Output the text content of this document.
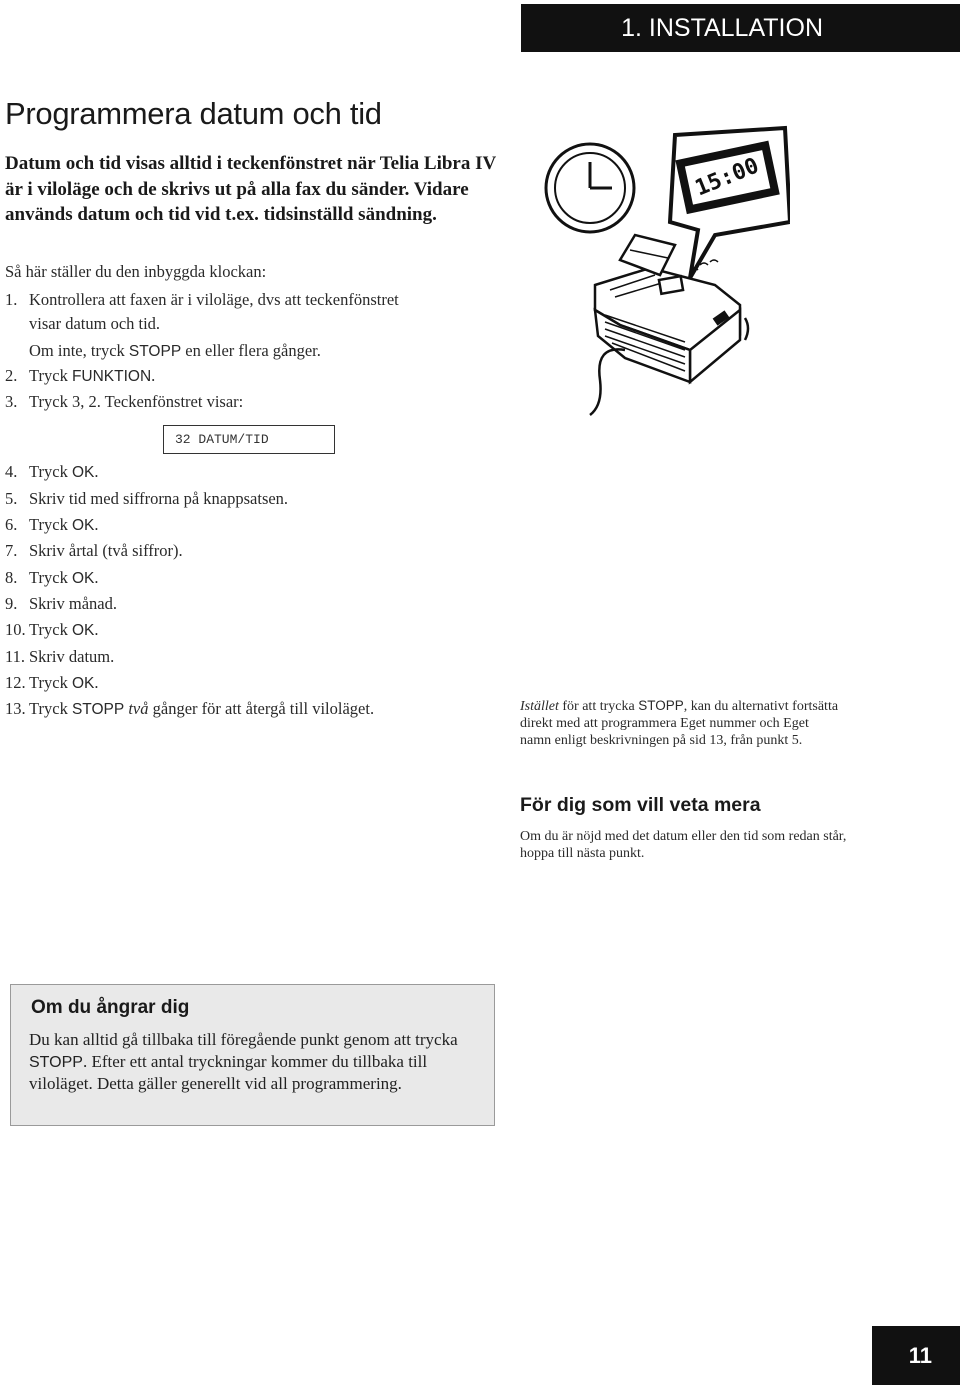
1. INSTALLATION
Programmera datum och tid

Datum och tid visas alltid i teckenfönstret när Telia Libra IV är i viloläge och de skrivs ut på alla fax du sänder. Vidare används datum och tid vid t.ex. tidsinställd sändning.

Så här ställer du den inbyggda klockan:

1. Kontrollera att faxen är i viloläge, dvs att teckenfönstret
visar datum och tid.
Om inte, tryck STOPP en eller flera gånger.
2. Tryck FUNKTION.
3. Tryck 3, 2. Teckenfönstret visar:
4. Tryck OK.
5. Skriv tid med siffrorna på knappsatsen.
6. Tryck OK.
7. Skriv årtal (två siffror).
8. Tryck OK.
9. Skriv månad.
10. Tryck OK.
11. Skriv datum.
12. Tryck OK.
13. Tryck STOPP två gånger för att återgå till viloläget.
32 DATUM/TID
15:00

Istället för att trycka STOPP, kan du alternativt fortsätta direkt med att programmera Eget nummer och Eget namn enligt beskrivningen på sid 13, från punkt 5.

För dig som vill veta mera

Om du är nöjd med det datum eller den tid som redan står, hoppa till nästa punkt.

Om du ångrar dig

Du kan alltid gå tillbaka till föregående punkt genom att trycka STOPP. Efter ett antal tryckningar kommer du tillbaka till viloläget. Detta gäller generellt vid all programmering.

11
